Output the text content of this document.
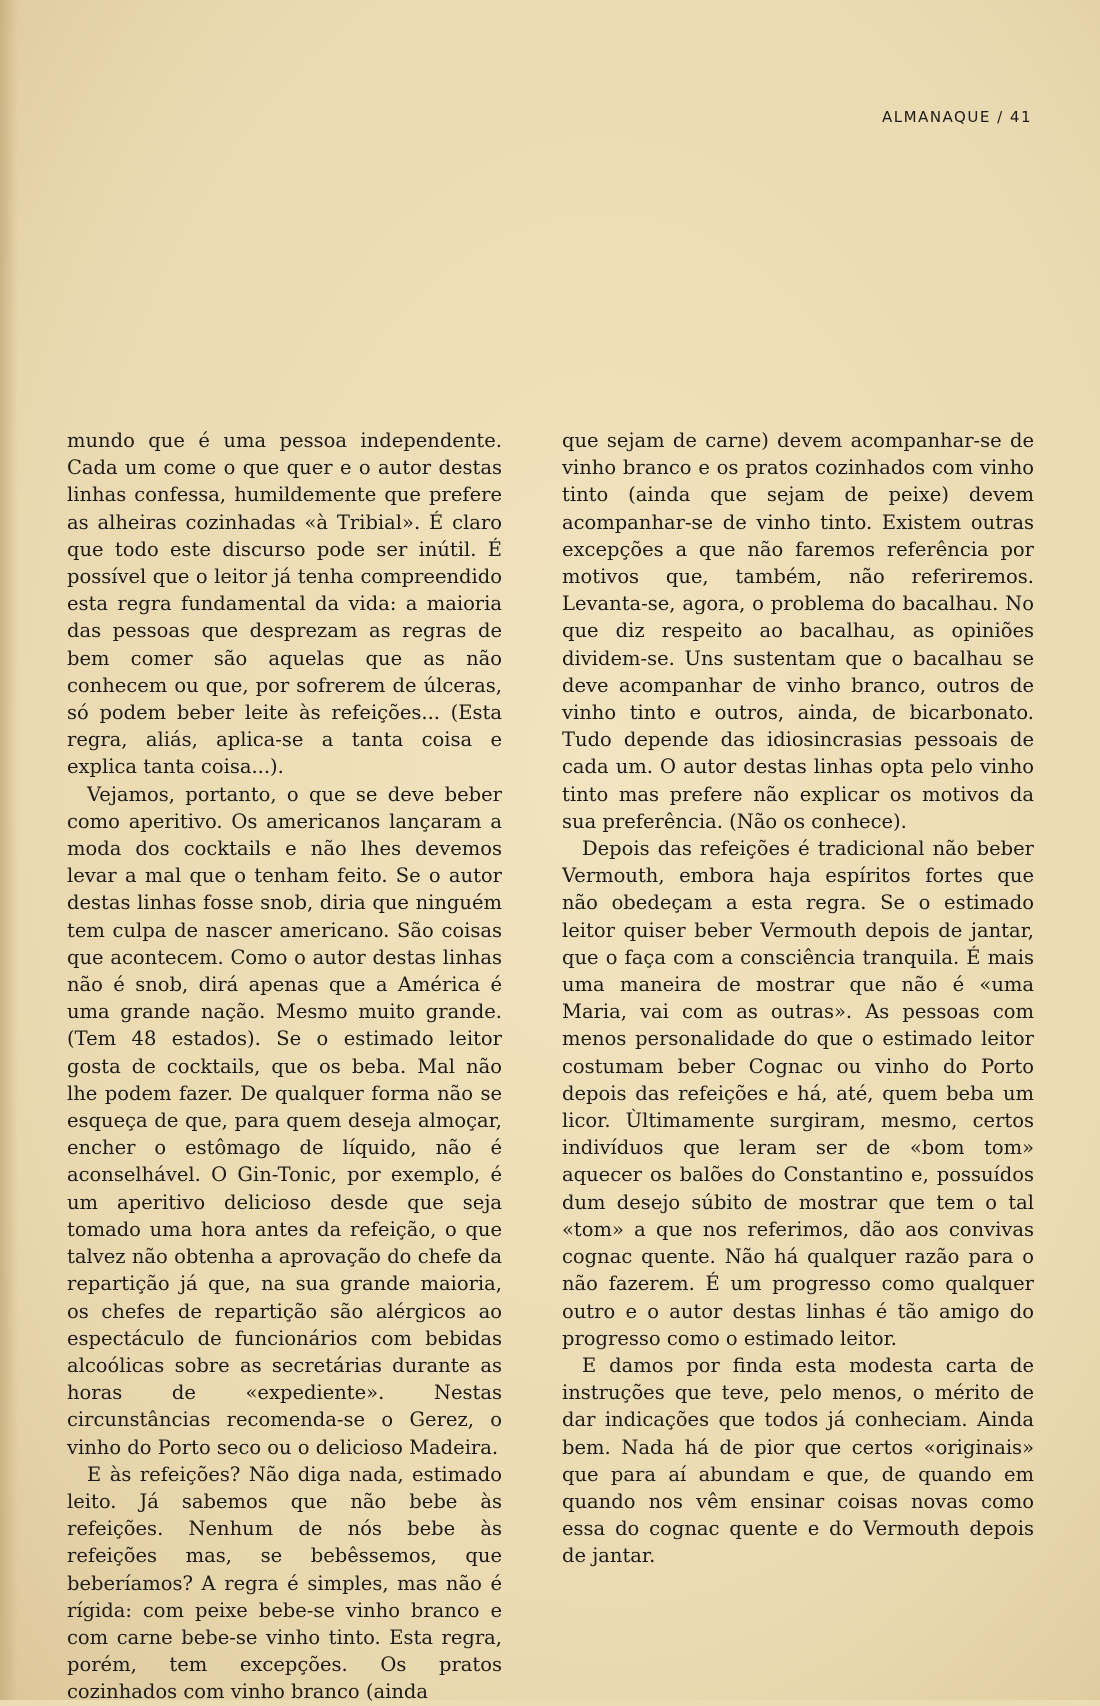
ALMANAQUE / 41

mundo que é uma pessoa independente. Cada um come o que quer e o autor destas linhas confessa, humildemente que prefere as alheiras cozinhadas «à Tribial». É claro que todo este discurso pode ser inútil. É possível que o leitor já tenha compreendido esta regra fundamental da vida: a maioria das pessoas que desprezam as regras de bem comer são aquelas que as não conhecem ou que, por sofrerem de úlceras, só podem beber leite às refeições... (Esta regra, aliás, aplica-se a tanta coisa e explica tanta coisa...).

Vejamos, portanto, o que se deve beber como aperitivo. Os americanos lançaram a moda dos cocktails e não lhes devemos levar a mal que o tenham feito. Se o autor destas linhas fosse snob, diria que ninguém tem culpa de nascer americano. São coisas que acontecem. Como o autor destas linhas não é snob, dirá apenas que a América é uma grande nação. Mesmo muito grande. (Tem 48 estados). Se o estimado leitor gosta de cocktails, que os beba. Mal não lhe podem fazer. De qualquer forma não se esqueça de que, para quem deseja almoçar, encher o estômago de líquido, não é aconselhável. O Gin-Tonic, por exemplo, é um aperitivo delicioso desde que seja tomado uma hora antes da refeição, o que talvez não obtenha a aprovação do chefe da repartição já que, na sua grande maioria, os chefes de repartição são alérgicos ao espectáculo de funcionários com bebidas alcoólicas sobre as secretárias durante as horas de «expediente». Nestas circunstâncias recomenda-se o Gerez, o vinho do Porto seco ou o delicioso Madeira.

E às refeições? Não diga nada, estimado leito. Já sabemos que não bebe às refeições. Nenhum de nós bebe às refeições mas, se bebêssemos, que beberíamos? A regra é simples, mas não é rígida: com peixe bebe-se vinho branco e com carne bebe-se vinho tinto. Esta regra, porém, tem excepções. Os pratos cozinhados com vinho branco (ainda

que sejam de carne) devem acompanhar-se de vinho branco e os pratos cozinhados com vinho tinto (ainda que sejam de peixe) devem acompanhar-se de vinho tinto. Existem outras excepções a que não faremos referência por motivos que, também, não referiremos. Levanta-se, agora, o problema do bacalhau. No que diz respeito ao bacalhau, as opiniões dividem-se. Uns sustentam que o bacalhau se deve acompanhar de vinho branco, outros de vinho tinto e outros, ainda, de bicarbonato. Tudo depende das idiosincrasias pessoais de cada um. O autor destas linhas opta pelo vinho tinto mas prefere não explicar os motivos da sua preferência. (Não os conhece).

Depois das refeições é tradicional não beber Vermouth, embora haja espíritos fortes que não obedeçam a esta regra. Se o estimado leitor quiser beber Vermouth depois de jantar, que o faça com a consciência tranquila. É mais uma maneira de mostrar que não é «uma Maria, vai com as outras». As pessoas com menos personalidade do que o estimado leitor costumam beber Cognac ou vinho do Porto depois das refeições e há, até, quem beba um licor. Ùltimamente surgiram, mesmo, certos indivíduos que leram ser de «bom tom» aquecer os balões do Constantino e, possuídos dum desejo súbito de mostrar que tem o tal «tom» a que nos referimos, dão aos convivas cognac quente. Não há qualquer razão para o não fazerem. É um progresso como qualquer outro e o autor destas linhas é tão amigo do progresso como o estimado leitor.

E damos por finda esta modesta carta de instruções que teve, pelo menos, o mérito de dar indicações que todos já conheciam. Ainda bem. Nada há de pior que certos «originais» que para aí abundam e que, de quando em quando nos vêm ensinar coisas novas como essa do cognac quente e do Vermouth depois de jantar.
